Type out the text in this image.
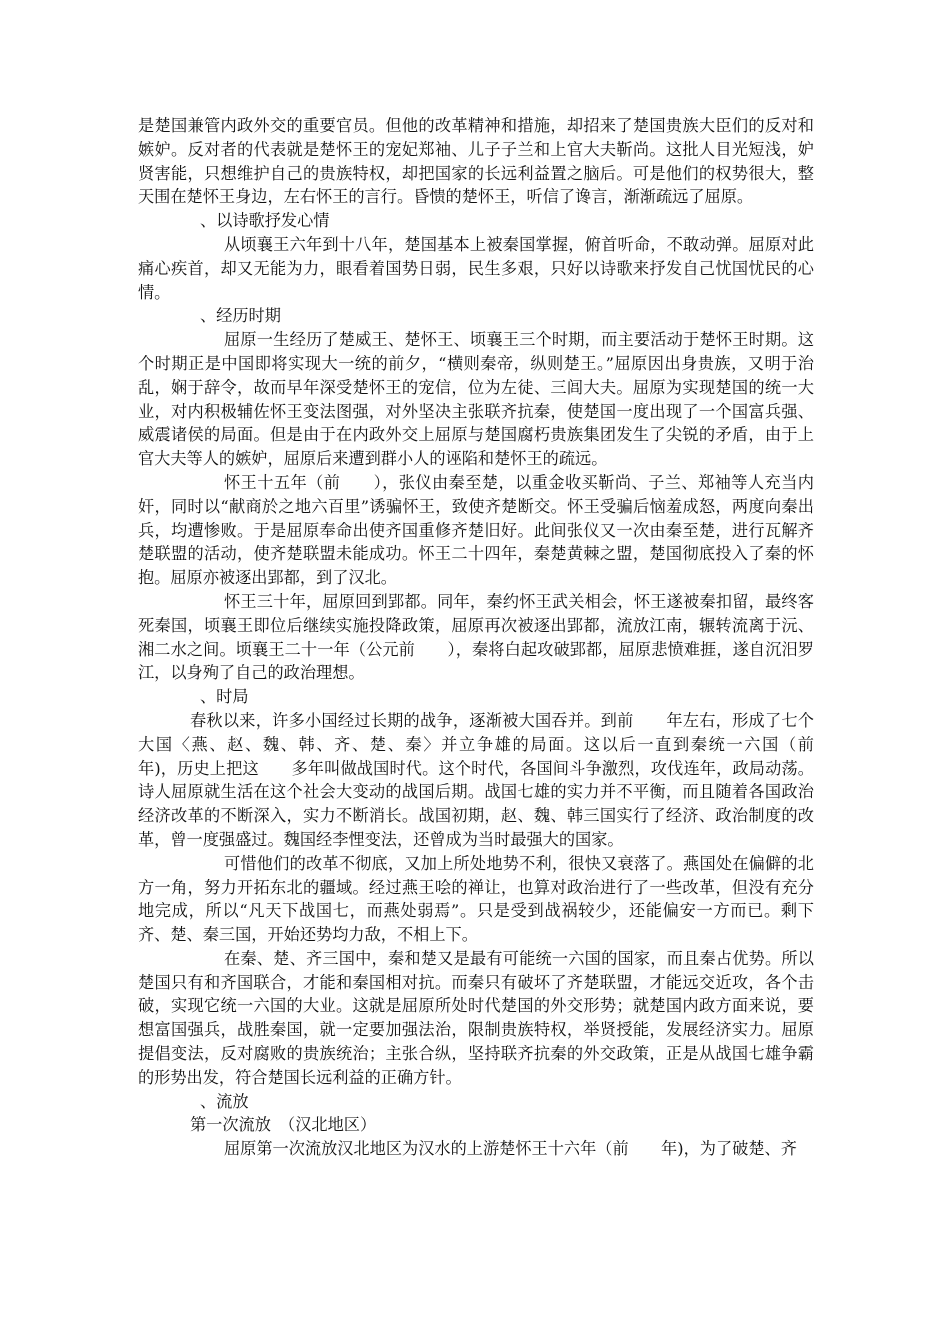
是楚国兼管内政外交的重要官员。但他的改革精神和措施，却招来了楚国贵族大臣们的反对和嫉妒。反对者的代表就是楚怀王的宠妃郑袖、儿子子兰和上官大夫靳尚。这批人目光短浅，妒贤害能，只想维护自己的贵族特权，却把国家的长远利益置之脑后。可是他们的权势很大，整天围在楚怀王身边，左右怀王的言行。昏愦的楚怀王，听信了谗言，渐渐疏远了屈原。

、以诗歌抒发心情

从顷襄王六年到十八年，楚国基本上被秦国掌握，俯首听命，不敢动弹。屈原对此痛心疾首，却又无能为力，眼看着国势日弱，民生多艰，只好以诗歌来抒发自己忧国忧民的心情。

、经历时期

屈原一生经历了楚威王、楚怀王、顷襄王三个时期，而主要活动于楚怀王时期。这个时期正是中国即将实现大一统的前夕，“横则秦帝，纵则楚王。”屈原因出身贵族，又明于治乱，娴于辞令，故而早年深受楚怀王的宠信，位为左徒、三闾大夫。屈原为实现楚国的统一大业，对内积极辅佐怀王变法图强，对外坚决主张联齐抗秦，使楚国一度出现了一个国富兵强、威震诸侯的局面。但是由于在内政外交上屈原与楚国腐朽贵族集团发生了尖锐的矛盾，由于上官大夫等人的嫉妒，屈原后来遭到群小人的诬陷和楚怀王的疏远。

怀王十五年（前　　），张仪由秦至楚，以重金收买靳尚、子兰、郑袖等人充当内奸，同时以“献商於之地六百里”诱骗怀王，致使齐楚断交。怀王受骗后恼羞成怒，两度向秦出兵，均遭惨败。于是屈原奉命出使齐国重修齐楚旧好。此间张仪又一次由秦至楚，进行瓦解齐楚联盟的活动，使齐楚联盟未能成功。怀王二十四年，秦楚黄棘之盟，楚国彻底投入了秦的怀抱。屈原亦被逐出郢都，到了汉北。

怀王三十年，屈原回到郢都。同年，秦约怀王武关相会，怀王遂被秦扣留，最终客死秦国，顷襄王即位后继续实施投降政策，屈原再次被逐出郢都，流放江南，辗转流离于沅、湘二水之间。顷襄王二十一年（公元前　　），秦将白起攻破郢都，屈原悲愤难捱，遂自沉汨罗江，以身殉了自己的政治理想。

、时局

春秋以来，许多小国经过长期的战争，逐渐被大国吞并。到前　　年左右，形成了七个大国〈燕、赵、魏、韩、齐、楚、秦〉并立争雄的局面。这以后一直到秦统一六国（前　　年)，历史上把这　　多年叫做战国时代。这个时代，各国间斗争激烈，攻伐连年，政局动荡。诗人屈原就生活在这个社会大变动的战国后期。战国七雄的实力并不平衡，而且随着各国政治经济改革的不断深入，实力不断消长。战国初期，赵、魏、韩三国实行了经济、政治制度的改革，曾一度强盛过。魏国经李悝变法，还曾成为当时最强大的国家。

可惜他们的改革不彻底，又加上所处地势不利，很快又衰落了。燕国处在偏僻的北方一角，努力开拓东北的疆域。经过燕王哙的禅让，也算对政治进行了一些改革，但没有充分地完成，所以“凡天下战国七，而燕处弱焉”。只是受到战祸较少，还能偏安一方而已。剩下齐、楚、秦三国，开始还势均力敌，不相上下。

在秦、楚、齐三国中，秦和楚又是最有可能统一六国的国家，而且秦占优势。所以楚国只有和齐国联合，才能和秦国相对抗。而秦只有破坏了齐楚联盟，才能远交近攻，各个击破，实现它统一六国的大业。这就是屈原所处时代楚国的外交形势；就楚国内政方面来说，要想富国强兵，战胜秦国，就一定要加强法治，限制贵族特权，举贤授能，发展经济实力。屈原提倡变法，反对腐败的贵族统治；主张合纵，坚持联齐抗秦的外交政策，正是从战国七雄争霸的形势出发，符合楚国长远利益的正确方针。

、流放

第一次流放　（汉北地区）

屈原第一次流放汉北地区为汉水的上游楚怀王十六年（前　　年)，为了破楚、齐
